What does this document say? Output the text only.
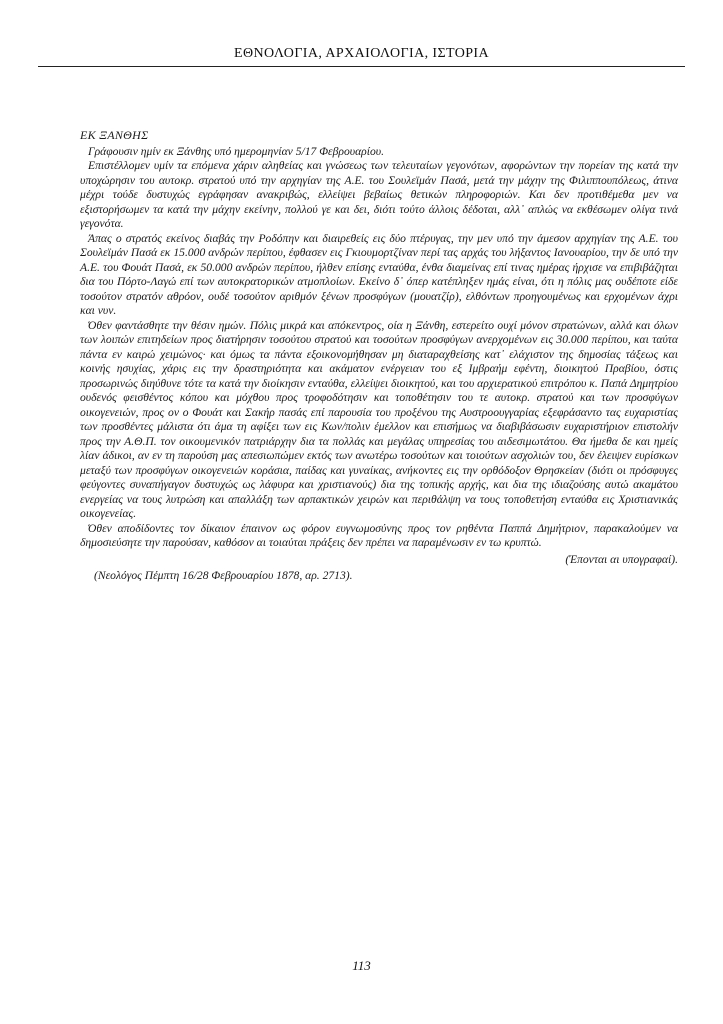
ΕΘΝΟΛΟΓΙΑ, ΑΡΧΑΙΟΛΟΓΙΑ, ΙΣΤΟΡΙΑ

ΕΚ ΞΑΝΘΗΣ

Γράφουσιν ημίν εκ Ξάνθης υπό ημερομηνίαν 5/17 Φεβρουαρίου.

Επιστέλλομεν υμίν τα επόμενα χάριν αληθείας και γνώσεως των τελευταίων γεγονότων, αφορώντων την πορείαν της κατά την υποχώρησιν του αυτοκρ. στρατού υπό την αρχηγίαν της Α.Ε. του Σουλεϊμάν Πασά, μετά την μάχην της Φιλιππουπόλεως, άτινα μέχρι τούδε δυστυχώς εγράφησαν ανακριβώς, ελλείψει βεβαίως θετικών πληροφοριών. Και δεν προτιθέμεθα μεν να εξιστορήσωμεν τα κατά την μάχην εκείνην, πολλού γε και δει, διότι τούτο άλλοις δέδοται, αλλ᾽ απλώς να εκθέσωμεν ολίγα τινά γεγονότα.

Άπας ο στρατός εκείνος διαβάς την Ροδόπην και διαιρεθείς εις δύο πτέρυγας, την μεν υπό την άμεσον αρχηγίαν της Α.Ε. του Σουλεϊμάν Πασά εκ 15.000 ανδρών περίπου, έφθασεν εις Γκιουμορτζίναν περί τας αρχάς του λήξαντος Ιανουαρίου, την δε υπό την Α.Ε. του Φουάτ Πασά, εκ 50.000 ανδρών περίπου, ήλθεν επίσης ενταύθα, ένθα διαμείνας επί τινας ημέρας ήρχισε να επιβιβάζηται δια του Πόρτο-Λαγώ επί των αυτοκρατορικών ατμοπλοίων. Εκείνο δ᾽ όπερ κατέπληξεν ημάς είναι, ότι η πόλις μας ουδέποτε είδε τοσούτον στρατόν αθρόον, ουδέ τοσούτον αριθμόν ξένων προσφύγων (μουατζίρ), ελθόντων προηγουμένως και ερχομένων άχρι και νυν.

Όθεν φαντάσθητε την θέσιν ημών. Πόλις μικρά και απόκεντρος, οία η Ξάνθη, εστερείτο ουχί μόνον στρατώνων, αλλά και όλων των λοιπών επιτηδείων προς διατήρησιν τοσούτου στρατού και τοσούτων προσφύγων ανερχομένων εις 30.000 περίπου, και ταύτα πάντα εν καιρώ χειμώνος· και όμως τα πάντα εξοικονομήθησαν μη διαταραχθείσης κατ᾽ ελάχιστον της δημοσίας τάξεως και κοινής ησυχίας, χάρις εις την δραστηριότητα και ακάματον ενέργειαν του εξ Ιμβραήμ εφέντη, διοικητού Πραβίου, όστις προσωρινώς διηύθυνε τότε τα κατά την διοίκησιν ενταύθα, ελλείψει διοικητού, και του αρχιερατικού επιτρόπου κ. Παπά Δημητρίου ουδενός φεισθέντος κόπου και μόχθου προς τροφοδότησιν και τοποθέτησιν του τε αυτοκρ. στρατού και των προσφύγων οικογενειών, προς ον ο Φουάτ και Σακήρ πασάς επί παρουσία του προξένου της Αυστροουγγαρίας εξεφράσαντο τας ευχαριστίας των προσθέντες μάλιστα ότι άμα τη αφίξει των εις Κων/πολιν έμελλον και επισήμως να διαβιβάσωσιν ευχαριστήριον επιστολήν προς την Α.Θ.Π. τον οικουμενικόν πατριάρχην δια τα πολλάς και μεγάλας υπηρεσίας του αιδεσιμωτάτου. Θα ήμεθα δε και ημείς λίαν άδικοι, αν εν τη παρούση μας απεσιωπώμεν εκτός των ανωτέρω τοσούτων και τοιούτων ασχολιών του, δεν έλειψεν ευρίσκων μεταξύ των προσφύγων οικογενειών κοράσια, παίδας και γυναίκας, ανήκοντες εις την ορθόδοξον Θρησκείαν (διότι οι πρόσφυγες φεύγοντες συναπήγαγον δυστυχώς ως λάφυρα και χριστιανούς) δια της τοπικής αρχής, και δια της ιδιαζούσης αυτώ ακαμάτου ενεργείας να τους λυτρώση και απαλλάξη των αρπακτικών χειρών και περιθάλψη να τους τοποθετήση ενταύθα εις Χριστιανικάς οικογενείας.

Όθεν αποδίδοντες τον δίκαιον έπαινον ως φόρον ευγνωμοσύνης προς τον ρηθέντα Παππά Δημήτριον, παρακαλούμεν να δημοσιεύσητε την παρούσαν, καθόσον αι τοιαύται πράξεις δεν πρέπει να παραμένωσιν εν τω κρυπτώ.

(Έπονται αι υπογραφαί).

(Νεολόγος Πέμπτη 16/28 Φεβρουαρίου 1878, αρ. 2713).

113
